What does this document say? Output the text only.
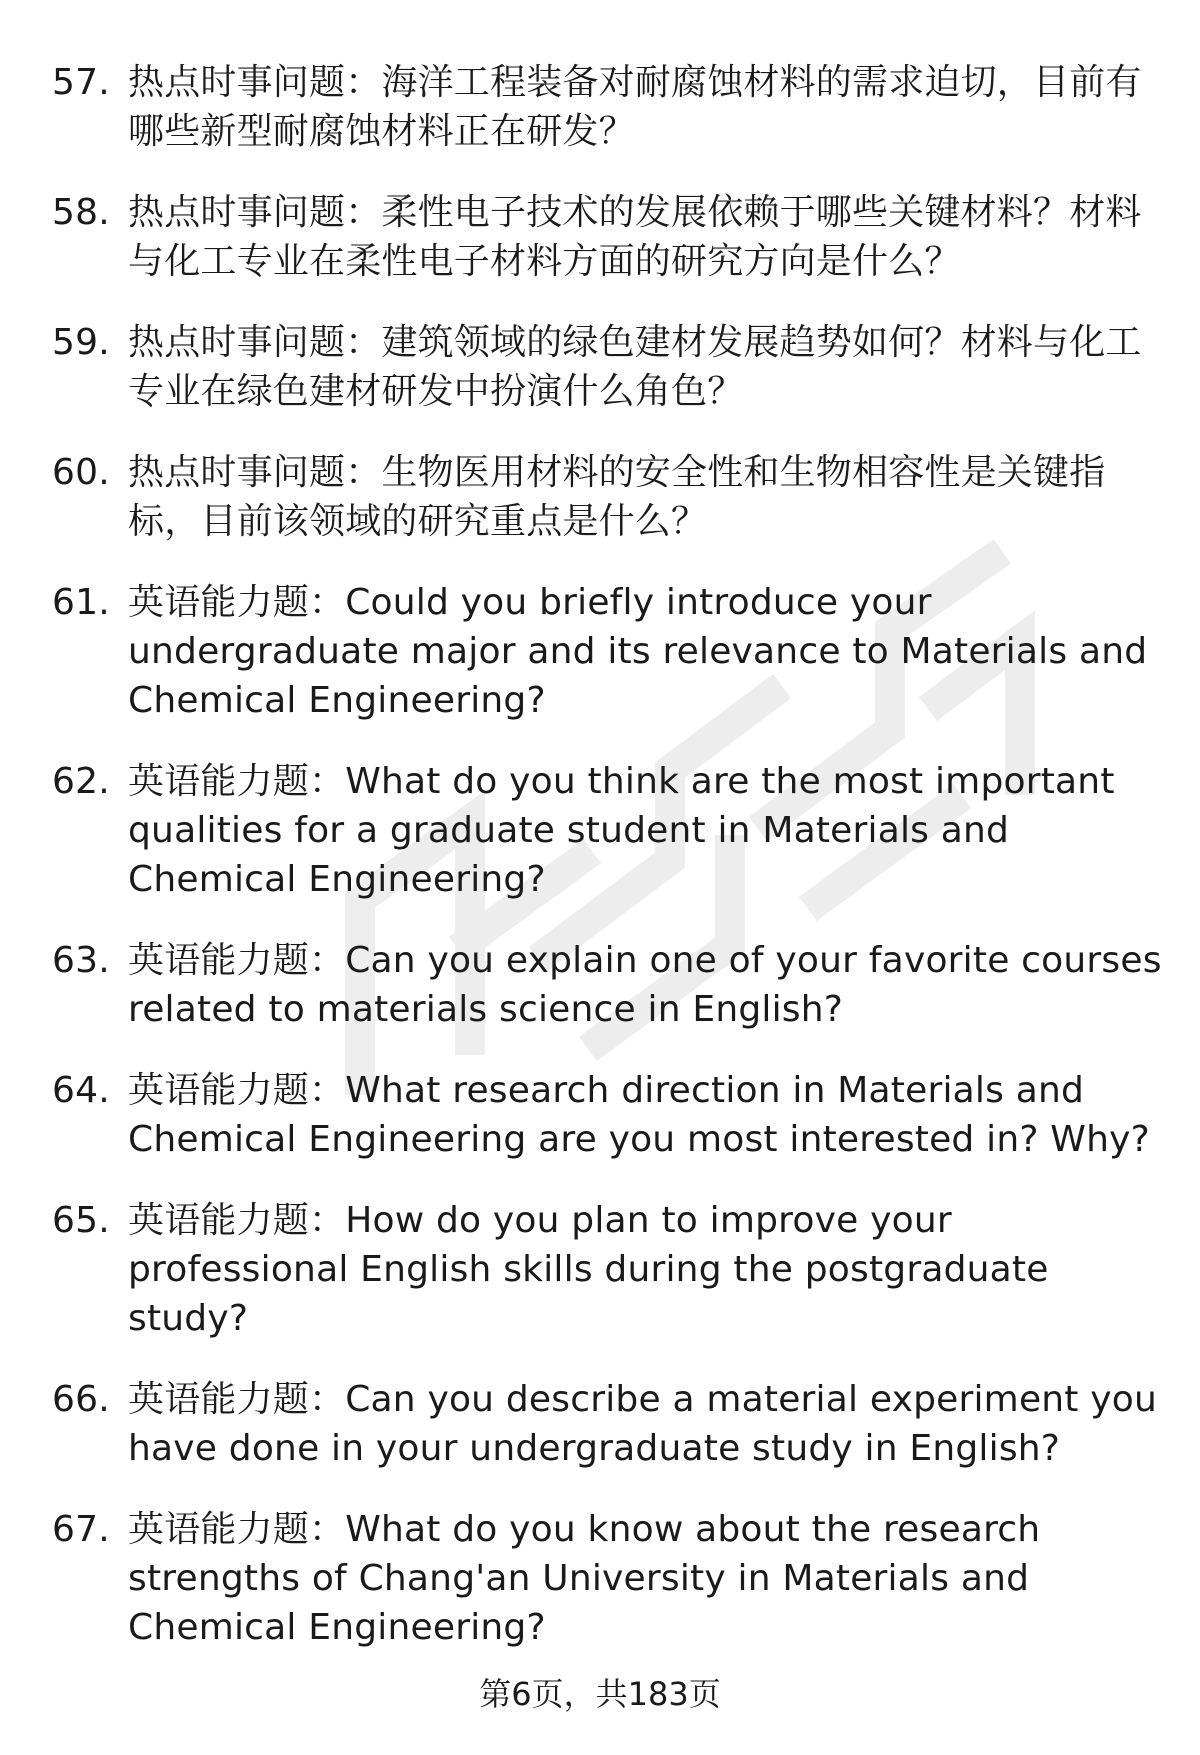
57. 热点时事问题：海洋工程装备对耐腐蚀材料的需求迫切，目前有哪些新型耐腐蚀材料正在研发？
58. 热点时事问题：柔性电子技术的发展依赖于哪些关键材料？材料与化工专业在柔性电子材料方面的研究方向是什么？
59. 热点时事问题：建筑领域的绿色建材发展趋势如何？材料与化工专业在绿色建材研发中扮演什么角色？
60. 热点时事问题：生物医用材料的安全性和生物相容性是关键指标，目前该领域的研究重点是什么？
61. 英语能力题：Could you briefly introduce your undergraduate major and its relevance to Materials and Chemical Engineering?
62. 英语能力题：What do you think are the most important qualities for a graduate student in Materials and Chemical Engineering?
63. 英语能力题：Can you explain one of your favorite courses related to materials science in English?
64. 英语能力题：What research direction in Materials and Chemical Engineering are you most interested in? Why?
65. 英语能力题：How do you plan to improve your professional English skills during the postgraduate study?
66. 英语能力题：Can you describe a material experiment you have done in your undergraduate study in English?
67. 英语能力题：What do you know about the research strengths of Chang'an University in Materials and Chemical Engineering?
第6页，共183页
